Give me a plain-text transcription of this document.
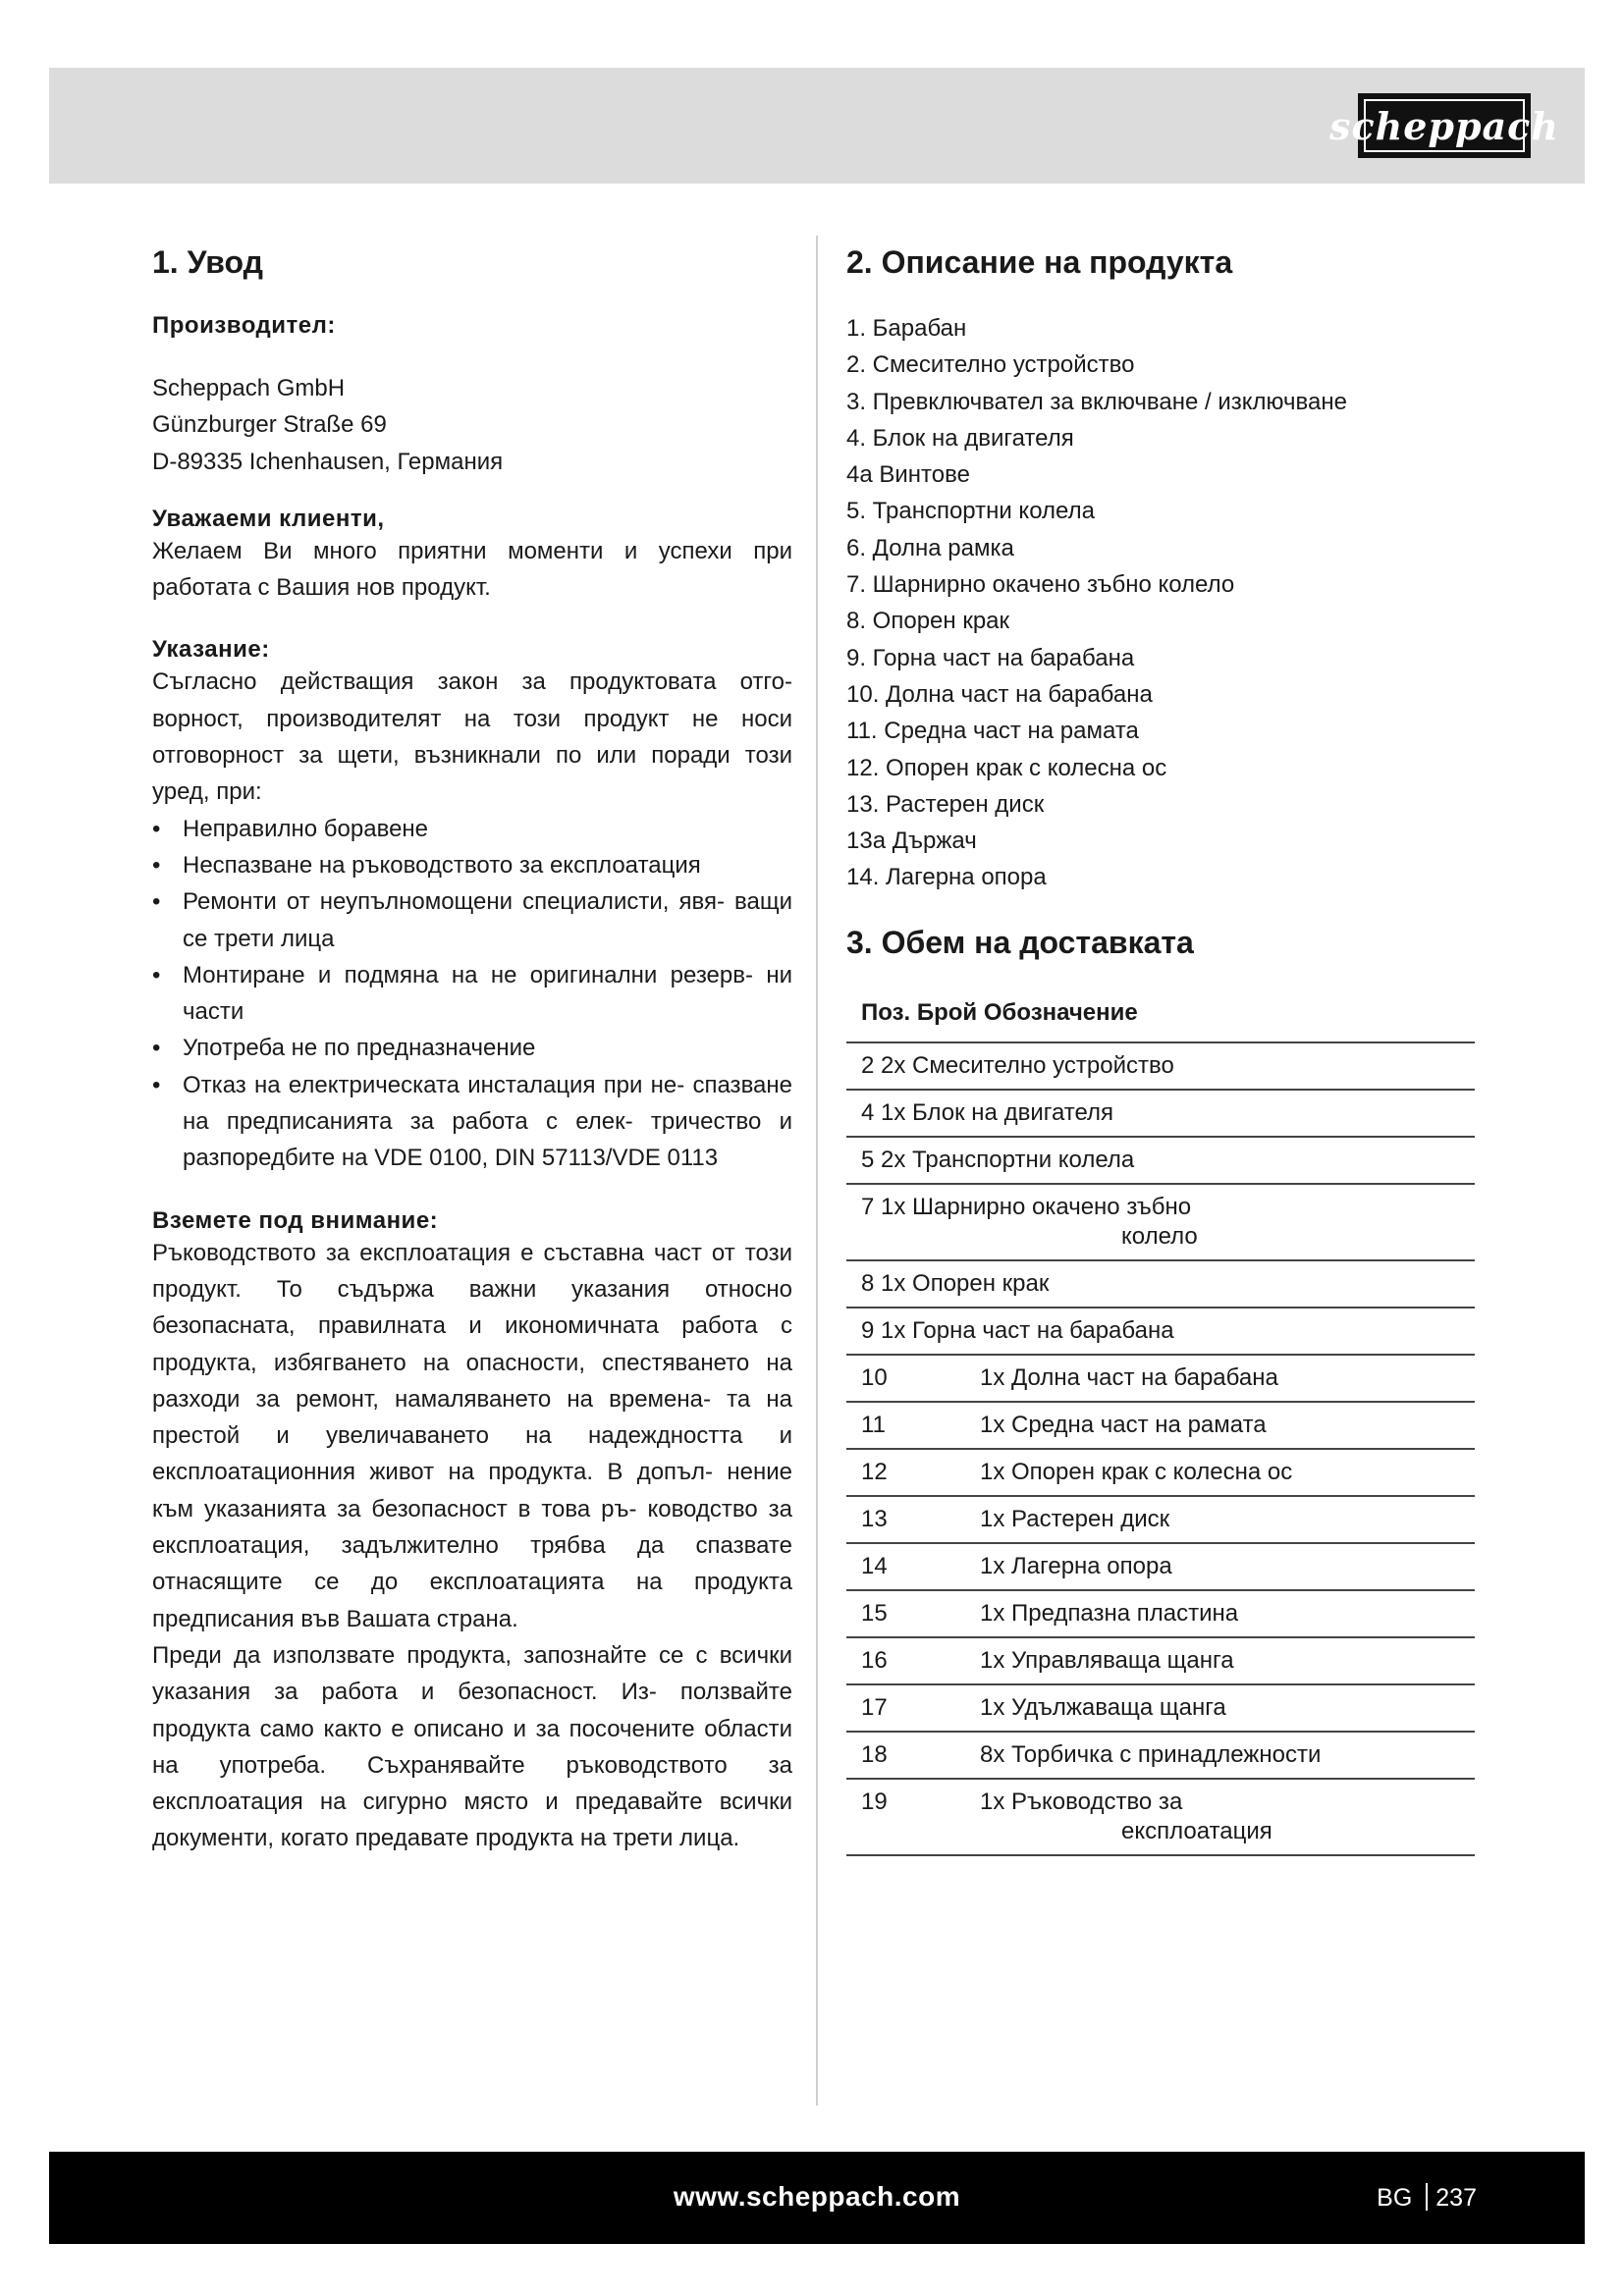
scheppach
1. Увод
Производител:

Scheppach GmbH

Günzburger Straße 69

D-89335 Ichenhausen, Германия

Уважаеми клиенти,

Желаем Ви много приятни моменти и успехи при работата с Вашия нов продукт.

Указание:

Съгласно действащия закон за продуктовата отго- ворност, производителят на този продукт не носи отговорност за щети, възникнали по или поради този уред, при:

• Неправилно боравене
• Неспазване на ръководството за експлоатация
• Ремонти от неупълномощени специалисти, явя- ващи се трети лица
• Монтиране и подмяна на не оригинални резерв- ни части
• Употреба не по предназначение
• Отказ на електрическата инсталация при не- спазване на предписанията за работа с елек- тричество и разпоредбите на VDE 0100, DIN 57113/VDE 0113
Вземете под внимание:

Ръководството за експлоатация е съставна част от този продукт. То съдържа важни указания относно безопасната, правилната и икономичната работа с продукта, избягването на опасности, спестяването на разходи за ремонт, намаляването на времена- та на престой и увеличаването на надеждността и експлоатационния живот на продукта. В допъл- нение към указанията за безопасност в това ръ- ководство за експлоатация, задължително трябва да спазвате отнасящите се до експлоатацията на продукта предписания във Вашата страна.

Преди да използвате продукта, запознайте се с всички указания за работа и безопасност. Из- ползвайте продукта само както е описано и за посочените области на употреба. Съхранявайте ръководството за експлоатация на сигурно място и предавайте всички документи, когато предавате продукта на трети лица.

2. Описание на продукта
1. Барабан
2. Смесително устройство
3. Превключвател за включване / изключване
4. Блок на двигателя
4a Винтове
5. Транспортни колела
6. Долна рамка
7. Шарнирно окачено зъбно колело
8. Опорен крак
9. Горна част на барабана
10. Долна част на барабана
11. Средна част на рамата
12. Опорен крак с колесна ос
13. Растерен диск
13a Държач
14. Лагерна опора
3. Обем на доставката
Поз. Брой Обозначение	
2 2x Смесително устройство	
4 1x Блок на двигателя	
5 2x Транспортни колела	

7 1x Шарнирно окачено зъбно
колело	

8 1x Опорен крак	
9 1x Горна част на барабана	
10	1x Долна част на барабана
11	1x Средна част на рамата
12	1x Опорен крак с колесна ос
13	1x Растерен диск
14	1x Лагерна опора
15	1x Предпазна пластина
16	1x Управляваща щанга
17	1x Удължаваща щанга
18	8x Торбичка с принадлежности
19	1x Ръководство за
експлоатация
www.scheppach.com	BG 237
